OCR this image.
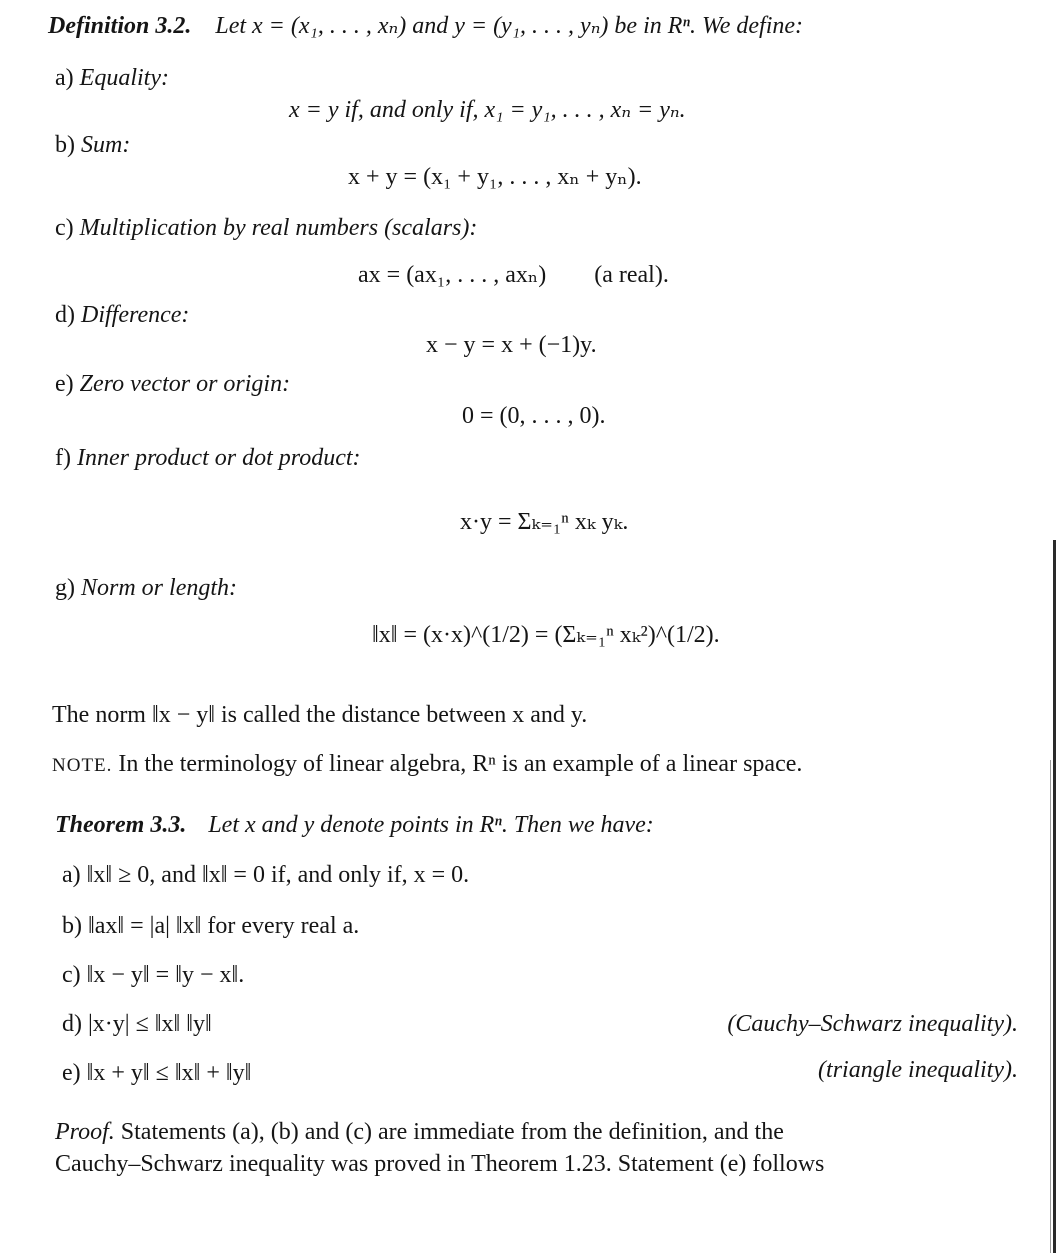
Definition 3.2. Let x = (x₁, . . . , xₙ) and y = (y₁, . . . , yₙ) be in Rⁿ. We define:
a) Equality:
x = y if, and only if, x₁ = y₁, . . . , xₙ = yₙ.
b) Sum:
x + y = (x₁ + y₁, . . . , xₙ + yₙ).
c) Multiplication by real numbers (scalars):
ax = (ax₁, . . . , axₙ)        (a real).
d) Difference:
x − y = x + (−1)y.
e) Zero vector or origin:
0 = (0, . . . , 0).
f) Inner product or dot product:
x·y = Σₖ₌₁ⁿ xₖ yₖ.
g) Norm or length:
‖x‖ = (x·x)^(1/2) = (Σₖ₌₁ⁿ xₖ²)^(1/2).
The norm ‖x − y‖ is called the distance between x and y.
NOTE. In the terminology of linear algebra, Rⁿ is an example of a linear space.
Theorem 3.3. Let x and y denote points in Rⁿ. Then we have:
a) ‖x‖ ≥ 0, and ‖x‖ = 0 if, and only if, x = 0.
b) ‖ax‖ = |a| ‖x‖ for every real a.
c) ‖x − y‖ = ‖y − x‖.
d) |x·y| ≤ ‖x‖ ‖y‖	(Cauchy–Schwarz inequality).
e) ‖x + y‖ ≤ ‖x‖ + ‖y‖	(triangle inequality).
Proof. Statements (a), (b) and (c) are immediate from the definition, and the
Cauchy–Schwarz inequality was proved in Theorem 1.23. Statement (e) follows
